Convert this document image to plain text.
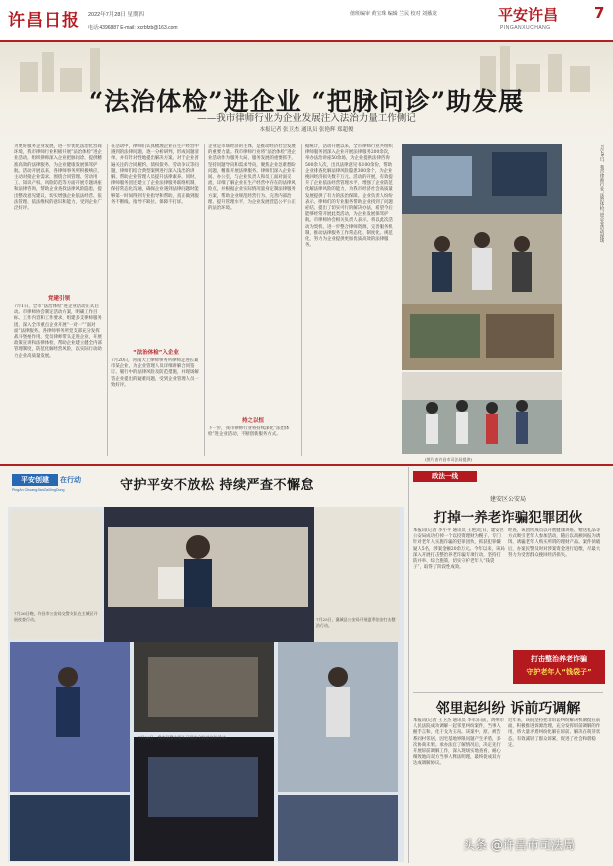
许昌日报 2022年7月28日 星期四
电话:4396887 E-mail: xcrbfzb@163.com
值班编审 黄宝珠 编辑 兰民 校对 刘播龙	平安许昌 7
PINGANXUCHANG
“法治体检”进企业 “把脉问诊”助发展
——我市律师行业为企业发展注入法治力量工作侧记
本报记者 张卫杰 通讯员 张艳辉 郑超俊
为更好服务企业发展，进一步优化法治化营商环境，我市律师行业积极开展“法治体检”进企业活动，组织律师深入企业把脉问诊，提供精准高效的法律服务，为企业健康发展保驾护航。活动开展以来，各律师事务所积极响应，主动对接企业需求，围绕合同管理、劳动用工、知识产权、风险防范等方面开展专题讲座和法律咨询，帮助企业查找法律风险隐患，提出整改意见建议，切实增强企业依法经营、依法管理、依法维权的意识和能力，受到企业广泛好评。
党建引领
7月1日，全市“法治体检”进企业活动正式启动。市律师协会制定活动方案，明确工作目标、工作内容和工作要求，组建多支律师服务团，深入全市重点企业开展“一对一”“面对面”法律服务。各律师事务所党支部充分发挥战斗堡垒作用，党员律师带头走进企业，开展政策宣讲和法律体检，帮助企业建立健全内部管理制度，防范化解经营风险，以实际行动助力企业高质量发展。
在活动中，律师们认真梳理企业在生产经营中遇到的法律问题，逐一分析研判，形成问题清单，并有针对性地提出解决方案。对于企业普遍关注的合同履约、债权债务、劳动争议等问题，律师们结合典型案例进行深入浅出的讲解，帮助企业管理人员提升法律素养。同时，律师服务团还建立了企业法律服务联络机制，保持常态化沟通，确保企业遇到法律问题时能够第一时间得到专业指导和帮助，真正做到服务不断线、指导不缺位、保障不打烊。
“法治体检”入企业
7月20日，河南大上律师事务所律师走进长葛市某企业，为企业管理人员详细讲解合同签订、履行中的法律风险及防范措施，并现场解答企业提出的疑难问题，受到企业管理人员一致好评。
企业是市场经济的主体，是推动经济社会发展的重要力量。我市律师行业将“法治体检”进企业活动作为服务大局、服务发展的重要抓手，坚持问题导向和需求导向，聚焦企业急难愁盼问题，精准开展法律服务。律师们深入企业车间、办公室，与企业负责人和员工面对面交流，详细了解企业在生产经营中存在的法律风险点，并根据企业实际情况量身定制法律服务方案，帮助企业规范经营行为、完善内部治理、提升管理水平，为企业发展营造公平公正的法治环境。
持之以恒
下一步，我市律师行业将持续深化“法治体检”进企业活动，不断创新服务方式。
据统计，活动开展以来，全市律师行业共组织律师服务团深入企业开展法律服务200余次，举办法治讲座50余场，为企业提供法律咨询500余人次，出具法律意见书100余份，帮助企业排查化解法律风险隐患300余个，为企业挽回经济损失数千万元。活动的开展，有效提升了企业依法经营管理水平，增强了企业防范化解法律风险的能力，为我市经济社会高质量发展提供了有力的法治保障。企业负责人纷纷表示，律师们的专业服务帮助企业找到了问题症结，提出了切实可行的解决办法，希望今后能够经常开展此类活动，为企业发展保驾护航。市律师协会相关负责人表示，将以此次活动为契机，进一步整合律师资源，完善服务机制，推动法律服务工作常态化、制度化、规范化，努力为企业提供更加优质高效的法律服务。
(图片由许昌市司法局提供)
7月26日，我市律师行业“法治体检”进企业活动现场
平安创建
PingAn ChuangJianZaiXingDong
在行动	守护平安不放松 持续严查不懈怠
7月26日晚，许昌市公安局交警支队在主城区开展夜查行动。
7月26日，我市民警在街头开展安全防范宣传活动。
7月25日，襄城县公安局开展夏季治安打击整治行动。
政法一线
建安区公安局
打掉一养老诈骗犯罪团伙
本报讯(记者 李小平 通讯员 王艳)近日，建安区公安局成功打掉一个以投资理财为幌子、专门针对老年人实施诈骗的犯罪团伙，抓获犯罪嫌疑人5名，涉案金额20余万元。今年以来，该局深入开展打击整治养老诈骗专项行动，坚持打防并举、综合施策，切实守护老年人“钱袋子”，取得了阶段性成效。
经查，该团伙成员以开展健康讲座、赠送礼品等方式吸引老年人参加活动，随后以高额回报为诱饵，诱骗老年人购买所谓的理财产品。案件侦破后，办案民警及时对涉案资金进行追缴，尽最大努力为受害群众挽回经济损失。
打击整治养老诈骗
守护老年人“钱袋子”
邻里起纠纷 诉前巧调解
本报讯(记者 王卫杰 通讯员 李军)日前，禹州市人民法院成功调解一起邻里纠纷案件，当事人握手言和，化干戈为玉帛。该案中，原、被告系同村邻居，因宅基地界限问题产生矛盾，多次协商未果。承办法官了解情况后，决定先行开展诉前调解工作，深入现场实地查看，耐心细致地向双方当事人释法明理，最终促成双方达成调解协议。
近年来，该院坚持把非诉讼纠纷解决机制挺在前面，积极推进诉源治理，充分发挥诉前调解的作用，将大量矛盾纠纷化解在诉前、解决在萌芽状态，有效减轻了群众诉累，促进了社会和谐稳定。
头条 @许昌市司法局
